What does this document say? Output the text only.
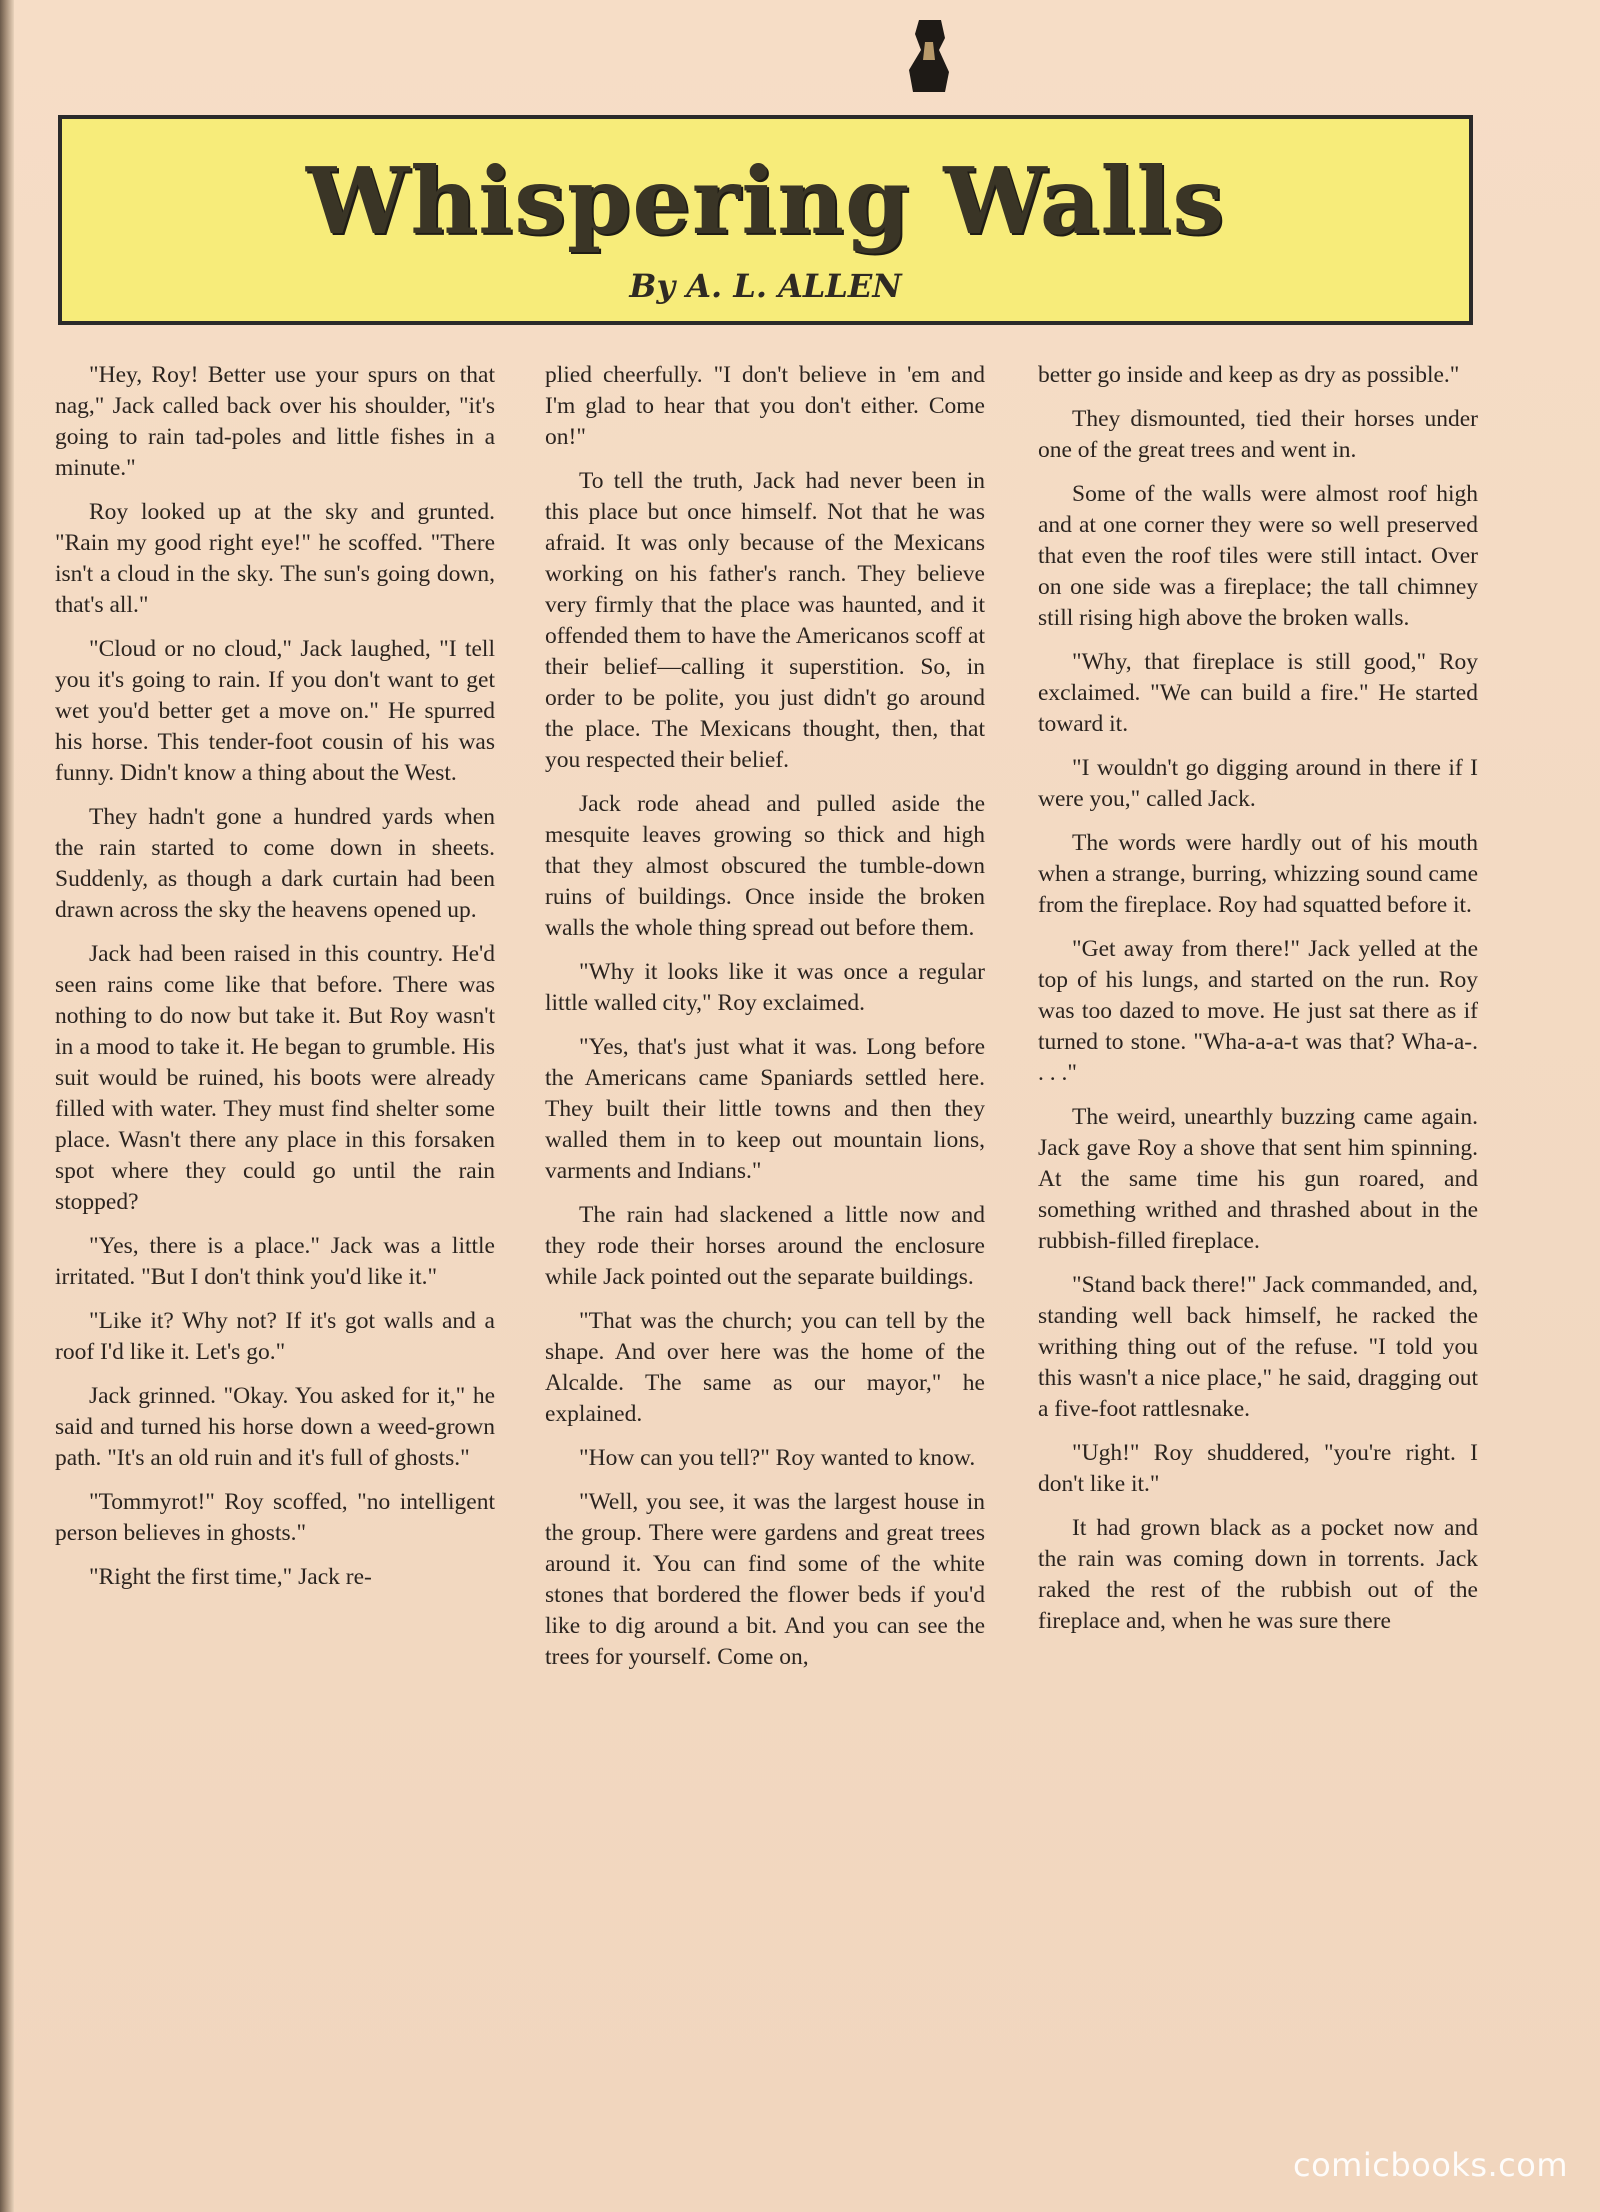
Whispering Walls
By A. L. ALLEN

"Hey, Roy! Better use your spurs on that nag," Jack called back over his shoulder, "it's going to rain tad-poles and little fishes in a minute."

Roy looked up at the sky and grunted. "Rain my good right eye!" he scoffed. "There isn't a cloud in the sky. The sun's going down, that's all."

"Cloud or no cloud," Jack laughed, "I tell you it's going to rain. If you don't want to get wet you'd better get a move on." He spurred his horse. This tender-foot cousin of his was funny. Didn't know a thing about the West.

They hadn't gone a hundred yards when the rain started to come down in sheets. Suddenly, as though a dark curtain had been drawn across the sky the heavens opened up.

Jack had been raised in this country. He'd seen rains come like that before. There was nothing to do now but take it. But Roy wasn't in a mood to take it. He began to grumble. His suit would be ruined, his boots were already filled with water. They must find shelter some place. Wasn't there any place in this forsaken spot where they could go until the rain stopped?

"Yes, there is a place." Jack was a little irritated. "But I don't think you'd like it."

"Like it? Why not? If it's got walls and a roof I'd like it. Let's go."

Jack grinned. "Okay. You asked for it," he said and turned his horse down a weed-grown path. "It's an old ruin and it's full of ghosts."

"Tommyrot!" Roy scoffed, "no intelligent person believes in ghosts."

"Right the first time," Jack re-

plied cheerfully. "I don't believe in 'em and I'm glad to hear that you don't either. Come on!"

To tell the truth, Jack had never been in this place but once himself. Not that he was afraid. It was only because of the Mexicans working on his father's ranch. They believe very firmly that the place was haunted, and it offended them to have the Americanos scoff at their belief—calling it superstition. So, in order to be polite, you just didn't go around the place. The Mexicans thought, then, that you respected their belief.

Jack rode ahead and pulled aside the mesquite leaves growing so thick and high that they almost obscured the tumble-down ruins of buildings. Once inside the broken walls the whole thing spread out before them.

"Why it looks like it was once a regular little walled city," Roy exclaimed.

"Yes, that's just what it was. Long before the Americans came Spaniards settled here. They built their little towns and then they walled them in to keep out mountain lions, varments and Indians."

The rain had slackened a little now and they rode their horses around the enclosure while Jack pointed out the separate buildings.

"That was the church; you can tell by the shape. And over here was the home of the Alcalde. The same as our mayor," he explained.

"How can you tell?" Roy wanted to know.

"Well, you see, it was the largest house in the group. There were gardens and great trees around it. You can find some of the white stones that bordered the flower beds if you'd like to dig around a bit. And you can see the trees for yourself. Come on,

better go inside and keep as dry as possible."

They dismounted, tied their horses under one of the great trees and went in.

Some of the walls were almost roof high and at one corner they were so well preserved that even the roof tiles were still intact. Over on one side was a fireplace; the tall chimney still rising high above the broken walls.

"Why, that fireplace is still good," Roy exclaimed. "We can build a fire." He started toward it.

"I wouldn't go digging around in there if I were you," called Jack.

The words were hardly out of his mouth when a strange, burring, whizzing sound came from the fireplace. Roy had squatted before it.

"Get away from there!" Jack yelled at the top of his lungs, and started on the run. Roy was too dazed to move. He just sat there as if turned to stone. "Wha-a-a-t was that? Wha-a-. . . ."

The weird, unearthly buzzing came again. Jack gave Roy a shove that sent him spinning. At the same time his gun roared, and something writhed and thrashed about in the rubbish-filled fireplace.

"Stand back there!" Jack commanded, and, standing well back himself, he racked the writhing thing out of the refuse. "I told you this wasn't a nice place," he said, dragging out a five-foot rattlesnake.

"Ugh!" Roy shuddered, "you're right. I don't like it."

It had grown black as a pocket now and the rain was coming down in torrents. Jack raked the rest of the rubbish out of the fireplace and, when he was sure there

comicbooks.com
